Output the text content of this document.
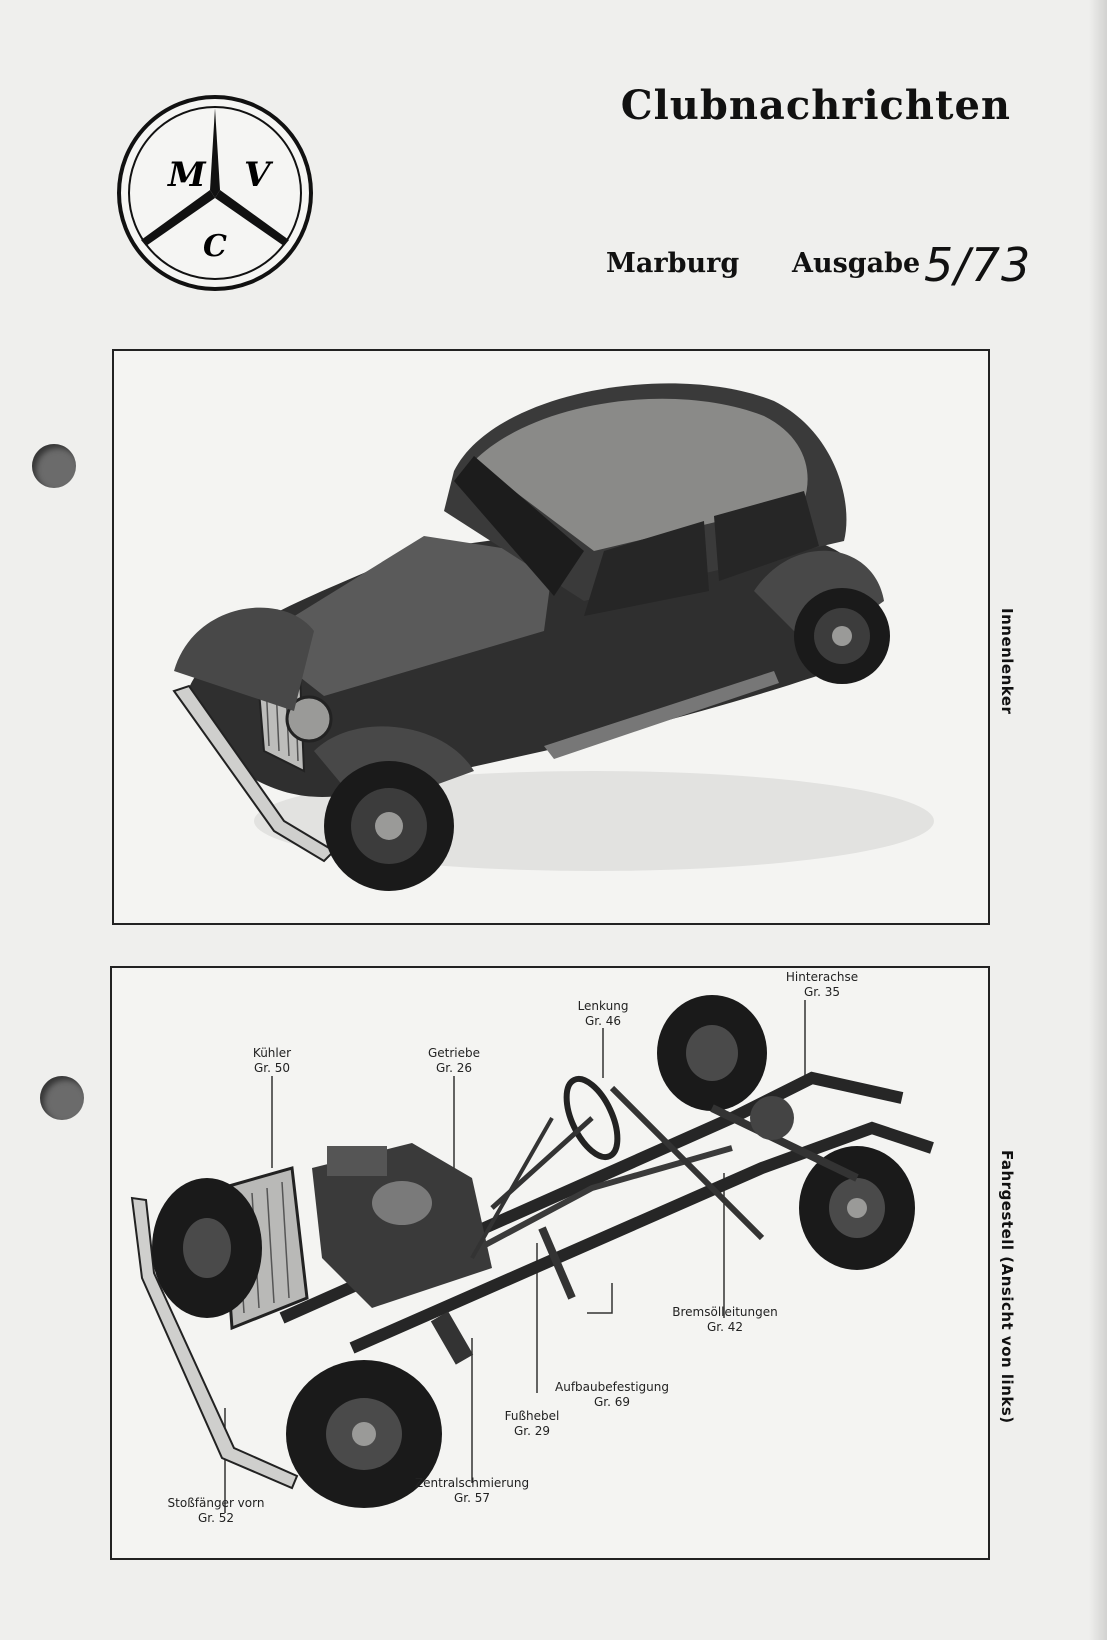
M V
C
Clubnachrichten
Marburg Ausgabe 5/73
Innenlenker
Hinterachse
Gr. 35
Lenkung
Gr. 46
Kühler
Gr. 50
Getriebe
Gr. 26
Bremsölleitungen
Gr. 42
Aufbaubefestigung
Gr. 69
Fußhebel
Gr. 29
Zentralschmierung
Gr. 57
Stoßfänger vorn
Gr. 52
Fahrgestell (Ansicht von links)
